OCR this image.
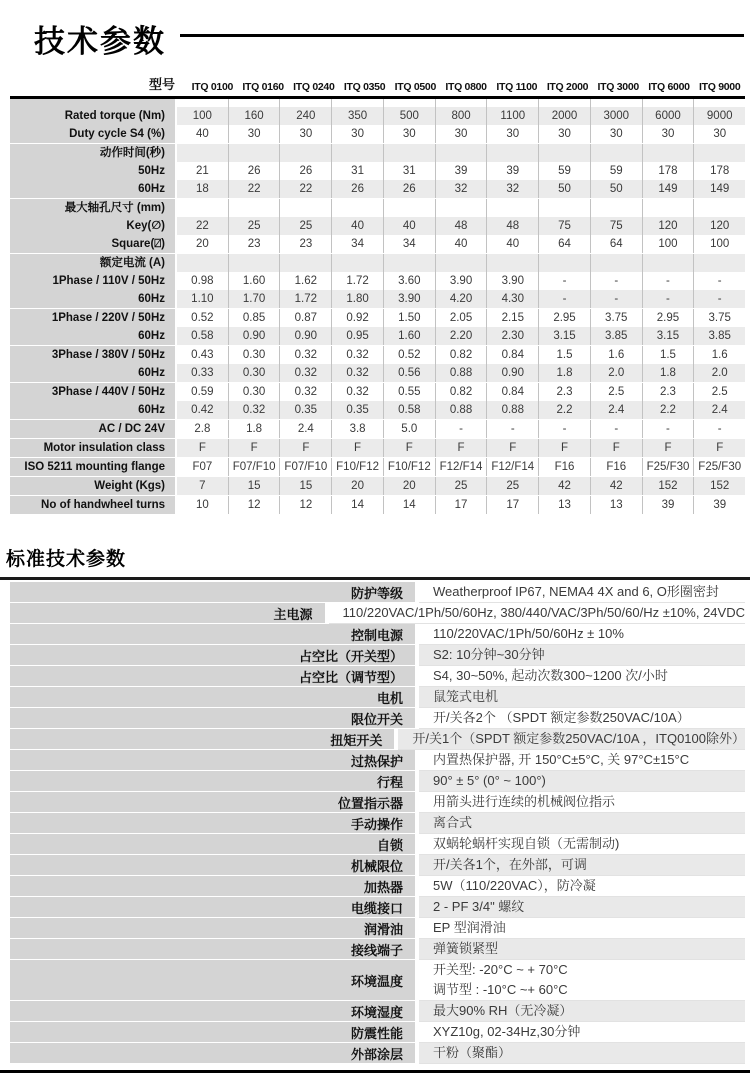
技术参数
型号	ITQ 0100 ITQ 0160 ITQ 0240 ITQ 0350 ITQ 0500 ITQ 0800 ITQ 1100 ITQ 2000 ITQ 3000 ITQ 6000 ITQ 9000
Rated torque (Nm)	100	160	240	350	500	800	1100	2000	3000	6000	9000
Duty cycle S4 (%)	40	30	30	30	30	30	30	30	30	30	30
动作时间(秒)
50Hz	21	26	26	31	31	39	39	59	59	178	178
60Hz	18	22	22	26	26	32	32	50	50	149	149
最大轴孔尺寸 (mm)
Key(∅)	22	25	25	40	40	48	48	75	75	120	120
Square(⍁)	20	23	23	34	34	40	40	64	64	100	100
额定电流 (A)
1Phase / 110V / 50Hz	0.98	1.60	1.62	1.72	3.60	3.90	3.90	-	-	-	-
60Hz	1.10	1.70	1.72	1.80	3.90	4.20	4.30	-	-	-	-
1Phase / 220V / 50Hz	0.52	0.85	0.87	0.92	1.50	2.05	2.15	2.95	3.75	2.95	3.75
60Hz	0.58	0.90	0.90	0.95	1.60	2.20	2.30	3.15	3.85	3.15	3.85
3Phase / 380V / 50Hz	0.43	0.30	0.32	0.32	0.52	0.82	0.84	1.5	1.6	1.5	1.6
60Hz	0.33	0.30	0.32	0.32	0.56	0.88	0.90	1.8	2.0	1.8	2.0
3Phase / 440V / 50Hz	0.59	0.30	0.32	0.32	0.55	0.82	0.84	2.3	2.5	2.3	2.5
60Hz	0.42	0.32	0.35	0.35	0.58	0.88	0.88	2.2	2.4	2.2	2.4
AC / DC 24V	2.8	1.8	2.4	3.8	5.0	-	-	-	-	-	-
Motor insulation class	F	F	F	F	F	F	F	F	F	F	F
ISO 5211 mounting flange	F07	F07/F10 F07/F10 F10/F12 F10/F12 F12/F14 F12/F14	F16	F16	F25/F30 F25/F30
Weight (Kgs)	7	15	15	20	20	25	25	42	42	152	152
No of handwheel turns	10	12	12	14	14	17	17	13	13	39	39
标准技术参数
防护等级	Weatherproof IP67, NEMA4 4X and 6, O形圈密封
主电源	110/220VAC/1Ph/50/60Hz, 380/440/VAC/3Ph/50/60/Hz ±10%, 24VDC
控制电源	110/220VAC/1Ph/50/60Hz ± 10%
占空比（开关型）	S2: 10分钟~30分钟
占空比（调节型）	S4, 30~50%, 起动次数300~1200 次/小时
电机	鼠笼式电机
限位开关	开/关各2个 （SPDT 额定参数250VAC/10A）
扭矩开关	开/关1个（SPDT 额定参数250VAC/10A ，ITQ0100除外）
过热保护	内置热保护器, 开 150°C±5°C, 关 97°C±15°C
行程	90° ± 5° (0° ~ 100°)
位置指示器	用箭头进行连续的机械阀位指示
手动操作	离合式
自锁	双蜗轮蜗杆实现自锁（无需制动)
机械限位	开/关各1个，在外部，可调
加热器	5W（110/220VAC），防冷凝
电缆接口	2 - PF 3/4" 螺纹
润滑油	EP 型润滑油
接线端子	弹簧锁紧型
环境温度
开关型: -20°C ~ + 70°C
调节型 : -10°C ~+ 60°C
环境湿度	最大90% RH（无冷凝）
防震性能	XYZ10g, 02-34Hz,30分钟
外部涂层	干粉（聚酯）
